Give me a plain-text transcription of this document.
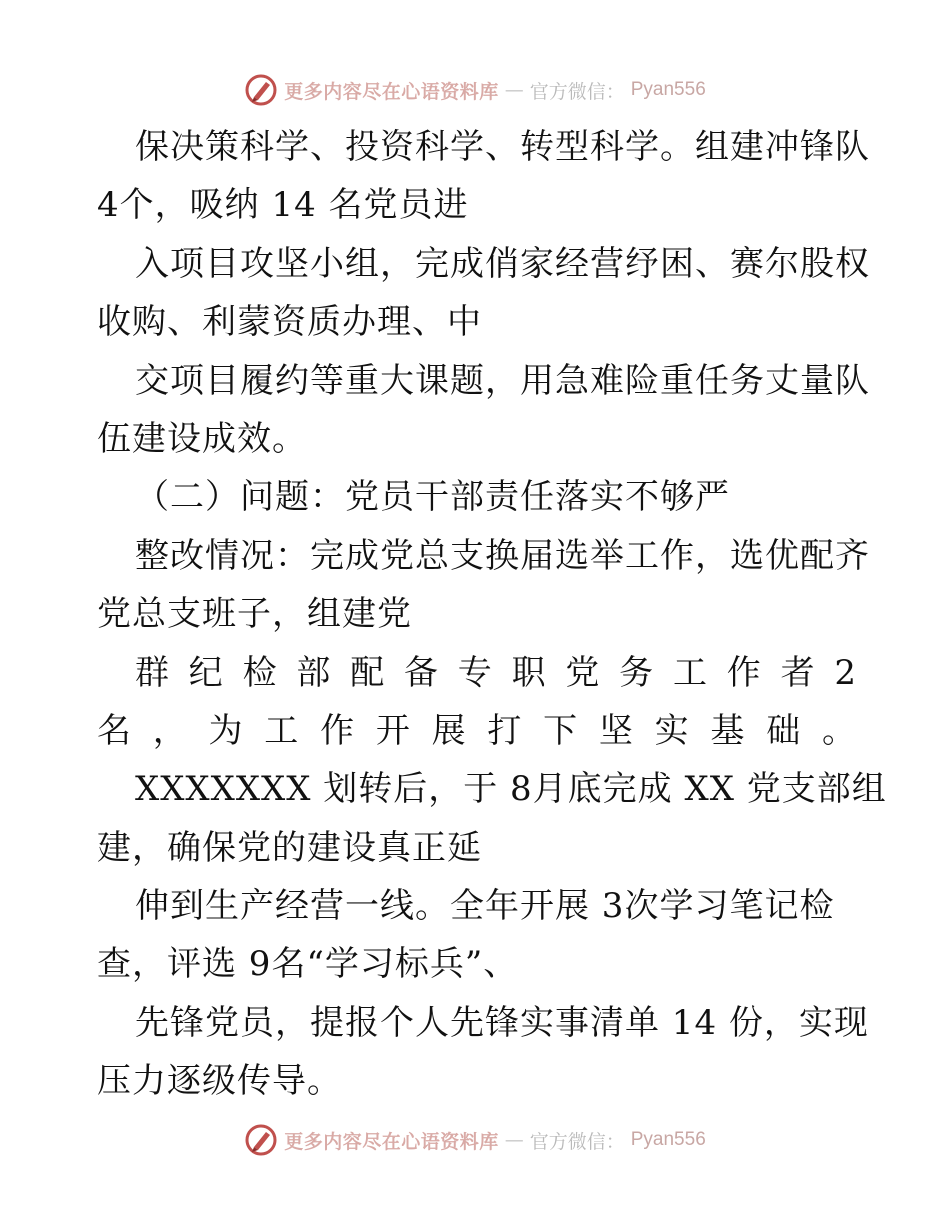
更多内容尽在心语资料库 — 官方微信： Pyan556
保决策科学、投资科学、转型科学。组建冲锋队
4个，吸纳 14 名党员进
入项目攻坚小组，完成俏家经营纾困、赛尔股权
收购、利蒙资质办理、中
交项目履约等重大课题，用急难险重任务丈量队
伍建设成效。
（二）问题：党员干部责任落实不够严
整改情况：完成党总支换届选举工作，选优配齐
党总支班子，组建党
群 纪 检 部 配 备 专 职 党 务 工 作 者 2
名 ， 为 工 作 开 展 打 下 坚 实 基 础 。
XXXXXXX 划转后，于 8月底完成 XX 党支部组
建，确保党的建设真正延
伸到生产经营一线。全年开展 3次学习笔记检
查，评选 9名“学习标兵”、
先锋党员，提报个人先锋实事清单 14 份，实现
压力逐级传导。
更多内容尽在心语资料库 — 官方微信： Pyan556
